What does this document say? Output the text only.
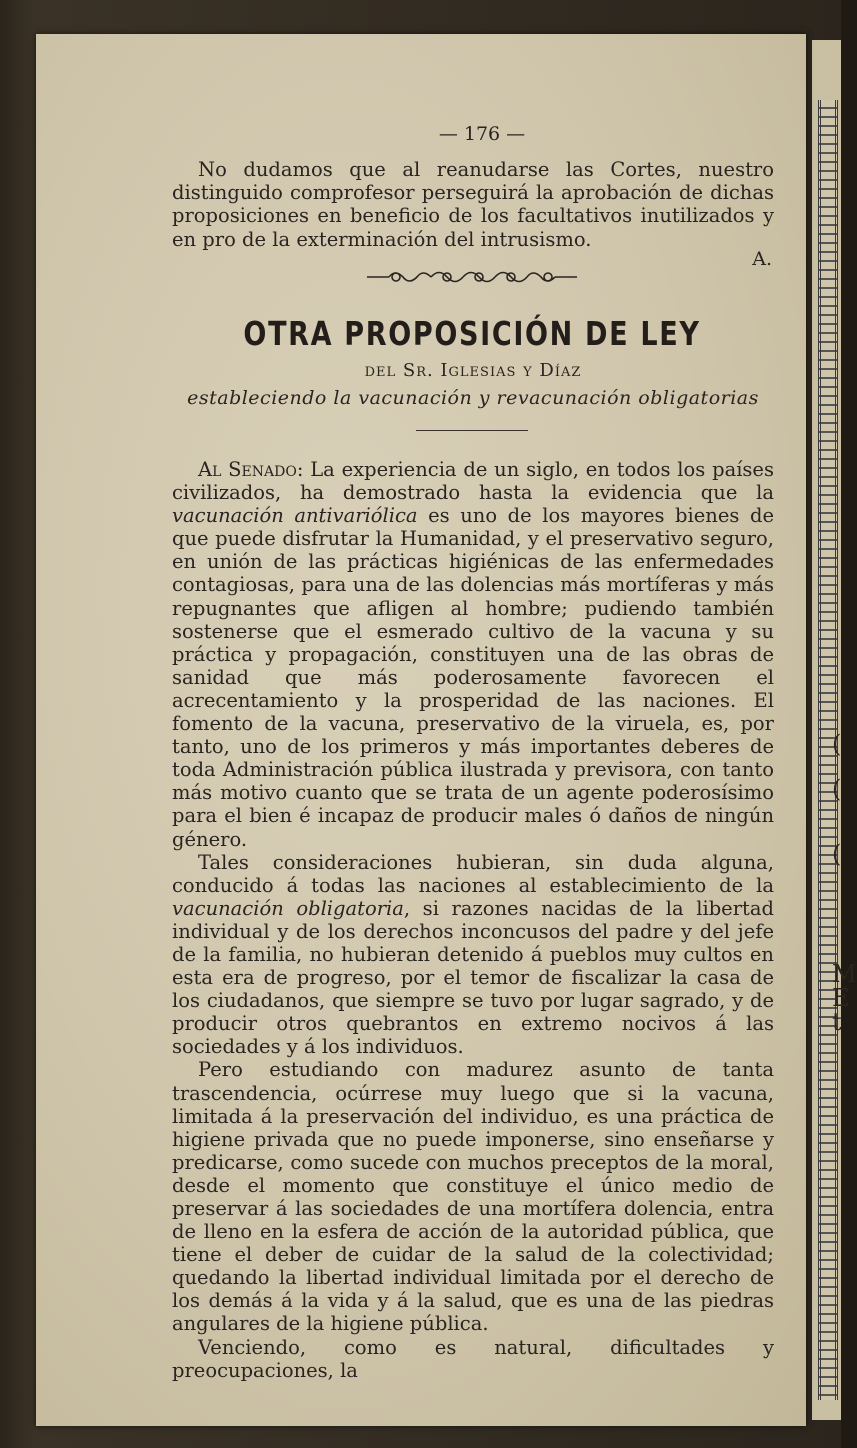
(
(
(
M
E
t
— 176 —

No dudamos que al reanudarse las Cortes, nuestro distinguido comprofesor perseguirá la aprobación de dichas proposiciones en beneficio de los facultativos inutilizados y en pro de la exterminación del intrusismo.

A.
OTRA PROPOSICIÓN DE LEY
del Sr. Iglesias y Díaz
estableciendo la vacunación y revacunación obligatorias

Al Senado: La experiencia de un siglo, en todos los países civilizados, ha demostrado hasta la evidencia que la vacunación antivariólica es uno de los mayores bienes de que puede disfrutar la Humanidad, y el preservativo seguro, en unión de las prácticas higiénicas de las enfermedades contagiosas, para una de las dolencias más mortíferas y más repugnantes que afligen al hombre; pudiendo también sostenerse que el esmerado cultivo de la vacuna y su práctica y propagación, constituyen una de las obras de sanidad que más poderosamente favorecen el acrecentamiento y la prosperidad de las naciones. El fomento de la vacuna, preservativo de la viruela, es, por tanto, uno de los primeros y más importantes deberes de toda Administración pública ilustrada y previsora, con tanto más motivo cuanto que se trata de un agente poderosísimo para el bien é incapaz de producir males ó daños de ningún género.

Tales consideraciones hubieran, sin duda alguna, conducido á todas las naciones al establecimiento de la vacunación obligatoria, si razones nacidas de la libertad individual y de los derechos inconcusos del padre y del jefe de la familia, no hubieran detenido á pueblos muy cultos en esta era de progreso, por el temor de fiscalizar la casa de los ciudadanos, que siempre se tuvo por lugar sagrado, y de producir otros quebrantos en extremo nocivos á las sociedades y á los individuos.

Pero estudiando con madurez asunto de tanta trascendencia, ocúrrese muy luego que si la vacuna, limitada á la preservación del individuo, es una práctica de higiene privada que no puede imponerse, sino enseñarse y predicarse, como sucede con muchos preceptos de la moral, desde el momento que constituye el único medio de preservar á las sociedades de una mortífera dolencia, entra de lleno en la esfera de acción de la autoridad pública, que tiene el deber de cuidar de la salud de la colectividad; quedando la libertad individual limitada por el derecho de los demás á la vida y á la salud, que es una de las piedras angulares de la higiene pública.

Venciendo, como es natural, dificultades y preocupaciones, la
